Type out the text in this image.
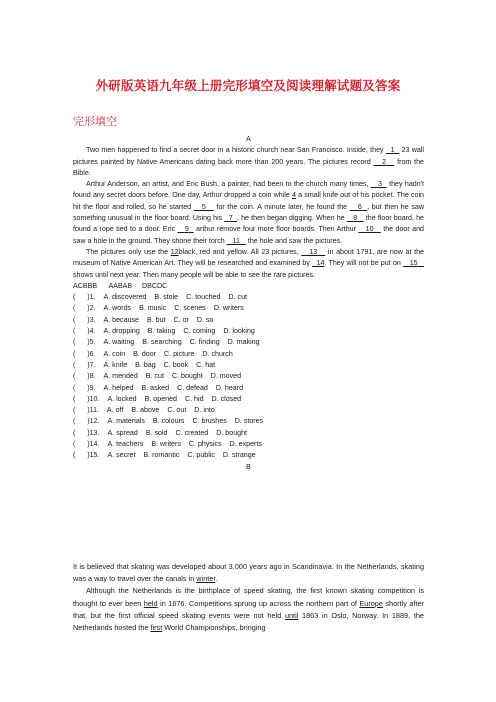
外研版英语九年级上册完形填空及阅读理解试题及答案
完形填空
A

Two men happened to find a secret door in a historic church near San Francisco. Inside, they   1   23 wall pictures painted by Native Americans dating back more than 200 years. The pictures record    2    from the Bible.

Arthur Anderson, an artist, and Eric Bush, a painter, had been to the church many times,    3   they hadn't found any secret doors before. One day, Arthur dropped a coin while 4 a small knife out of his pocket. The coin hit the floor and rolled, so he started    5    for the coin. A minute later, he found the    6 , but then he saw something unusual in the floor board. Using his   7 , he then began digging. When he    8    the floor board, he found a rope tied to a door. Eric    9   arthur remove four more floor boards. Then Arthur    10    the door and saw a hole in the ground. They shone their torch    11    the hole and saw the pictures.

The pictures only use the 12black, red and yellow. All 23 pictures,    13    in about 1791, are now at the museum of Native American Art. They will be researched and examined by   14. They will not be put on    15    shows until next year. Then many people will be able to see the rare pictures.

ACBBB      AABAB     DBCDC
(      )1. A. discovered B. stole C. touched D. cut
(      )2. A. words B. music C. scenes D. writers
(      )3. A. because B. but C. or D. so
(      )4. A. dropping B. taking C. coming D. looking
(      )5. A. waiting B. searching C. finding D. making
(      )6. A. coin B. door C. picture D. church
(      )7. A. knife B. bag C. book C. hat
(      )8. A. mended B. cut C. bought D. moved
(      )9. A. helped B. asked C. defead D. heard
(      )10. A. locked B. opened C. hid D. closed
(      )11. A. off B. above C. out D. into
(      )12. A. materials B. colours C. brushes D. stores
(      )13. A. spread B. sold C. created D. bought
(      )14. A. teachers B. writers C. physics D. experts
(      )15. A. secret B. romantic C. public D. strange
B

It is believed that skating was developed about 3,000 years ago in Scandinavia. In the Netherlands, skating was a way to travel over the canals in winter.

Although the Netherlands is the birthplace of speed skating, the first known skating competition is thought to ever been held in 1676. Competitions sprung up across the northern part of Europe shortly after that, but the first official speed skating events were not held until 1863 in Oslo, Norway. In 1889, the Netherlands hosted the first World Championships, bringing
